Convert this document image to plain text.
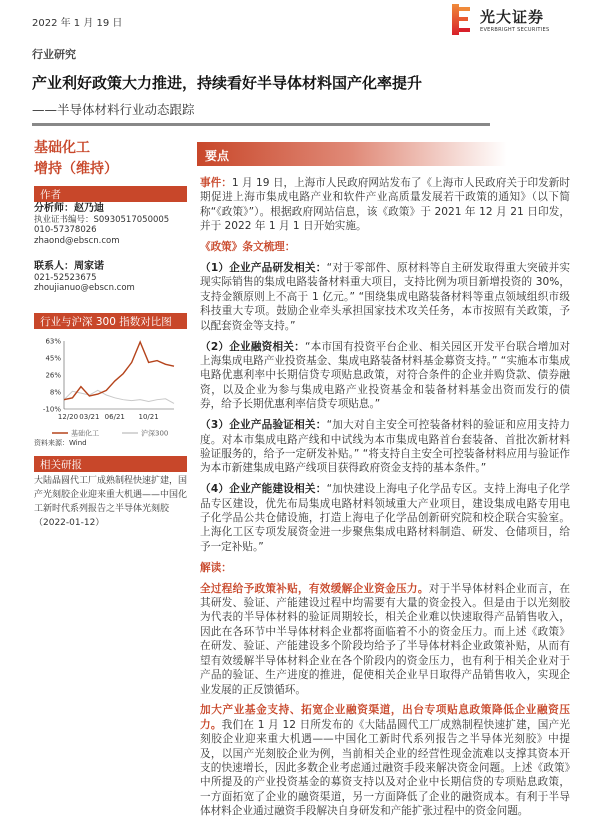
2022 年 1 月 19 日	光大证券
EVERBRIGHT SECURITIES
行业研究
产业利好政策大力推进，持续看好半导体材料国产化率提升
——半导体材料行业动态跟踪
基础化工
增持（维持）
作者
分析师：赵乃迪
执业证书编号：S0930517050005
010-57378026
zhaond@ebscn.com
联系人：周家诺
021-52523675
zhoujianuo@ebscn.com
行业与沪深 300 指数对比图
-10%
8%
26%
45%
63%
12/20 03/21 06/21 10/21
基础化工	沪深300
资料来源：Wind
相关研报
大陆晶圆代工厂成熟制程快速扩建，国产光刻胶企业迎来重大机遇——中国化工新时代系列报告之半导体光刻胶（2022-01-12）
要点

事件：1 月 19 日，上海市人民政府网站发布了《上海市人民政府关于印发新时期促进上海市集成电路产业和软件产业高质量发展若干政策的通知》（以下简称“《政策》”）。根据政府网站信息，该《政策》于 2021 年 12 月 21 日印发，并于 2022 年 1 月 1 日开始实施。

《政策》条文梳理：

（1）企业产品研发相关：“对于零部件、原材料等自主研发取得重大突破并实现实际销售的集成电路装备材料重大项目，支持比例为项目新增投资的 30%，支持金额原则上不高于 1 亿元。” “围绕集成电路装备材料等重点领域组织市级科技重大专项。鼓励企业牵头承担国家技术攻关任务，本市按照有关政策，予以配套资金等支持。”

（2）企业融资相关：“本市国有投资平台企业、相关园区开发平台联合增加对上海集成电路产业投资基金、集成电路装备材料基金募资支持。” “实施本市集成电路优惠利率中长期信贷专项贴息政策，对符合条件的企业并购贷款、债券融资，以及企业为参与集成电路产业投资基金和装备材料基金出资而发行的债券，给予长期优惠利率信贷专项贴息。”

（3）企业产品验证相关：“加大对自主安全可控装备材料的验证和应用支持力度。对本市集成电路产线和中试线为本市集成电路首台套装备、首批次新材料验证服务的，给予一定研发补贴。” “将支持自主安全可控装备材料应用与验证作为本市新建集成电路产线项目获得政府资金支持的基本条件。”

（4）企业产能建设相关：“加快建设上海电子化学品专区。支持上海电子化学品专区建设，优先布局集成电路材料领域重大产业项目，建设集成电路专用电子化学品公共仓储设施，打造上海电子化学品创新研究院和校企联合实验室。上海化工区专项发展资金进一步聚焦集成电路材料制造、研发、仓储项目，给予一定补贴。”

解读：

全过程给予政策补贴，有效缓解企业资金压力。对于半导体材料企业而言，在其研发、验证、产能建设过程中均需要有大量的资金投入。但是由于以光刻胶为代表的半导体材料的验证周期较长，相关企业难以快速取得产品销售收入，因此在各环节中半导体材料企业都将面临着不小的资金压力。而上述《政策》在研发、验证、产能建设多个阶段均给予了半导体材料企业政策补贴，从而有望有效缓解半导体材料企业在各个阶段内的资金压力，也有利于相关企业对于产品的验证、生产进度的推进，促使相关企业早日取得产品销售收入，实现企业发展的正反馈循环。

加大产业基金支持、拓宽企业融资渠道，出台专项贴息政策降低企业融资压力。我们在 1 月 12 日所发布的《大陆晶圆代工厂成熟制程快速扩建，国产光刻胶企业迎来重大机遇——中国化工新时代系列报告之半导体光刻胶》中提及，以国产光刻胶企业为例，当前相关企业的经营性现金流难以支撑其资本开支的快速增长，因此多数企业考虑通过融资手段来解决资金问题。上述《政策》中所提及的产业投资基金的募资支持以及对企业中长期信贷的专项贴息政策，一方面拓宽了企业的融资渠道，另一方面降低了企业的融资成本。有利于半导体材料企业通过融资手段解决自身研发和产能扩张过程中的资金问题。
